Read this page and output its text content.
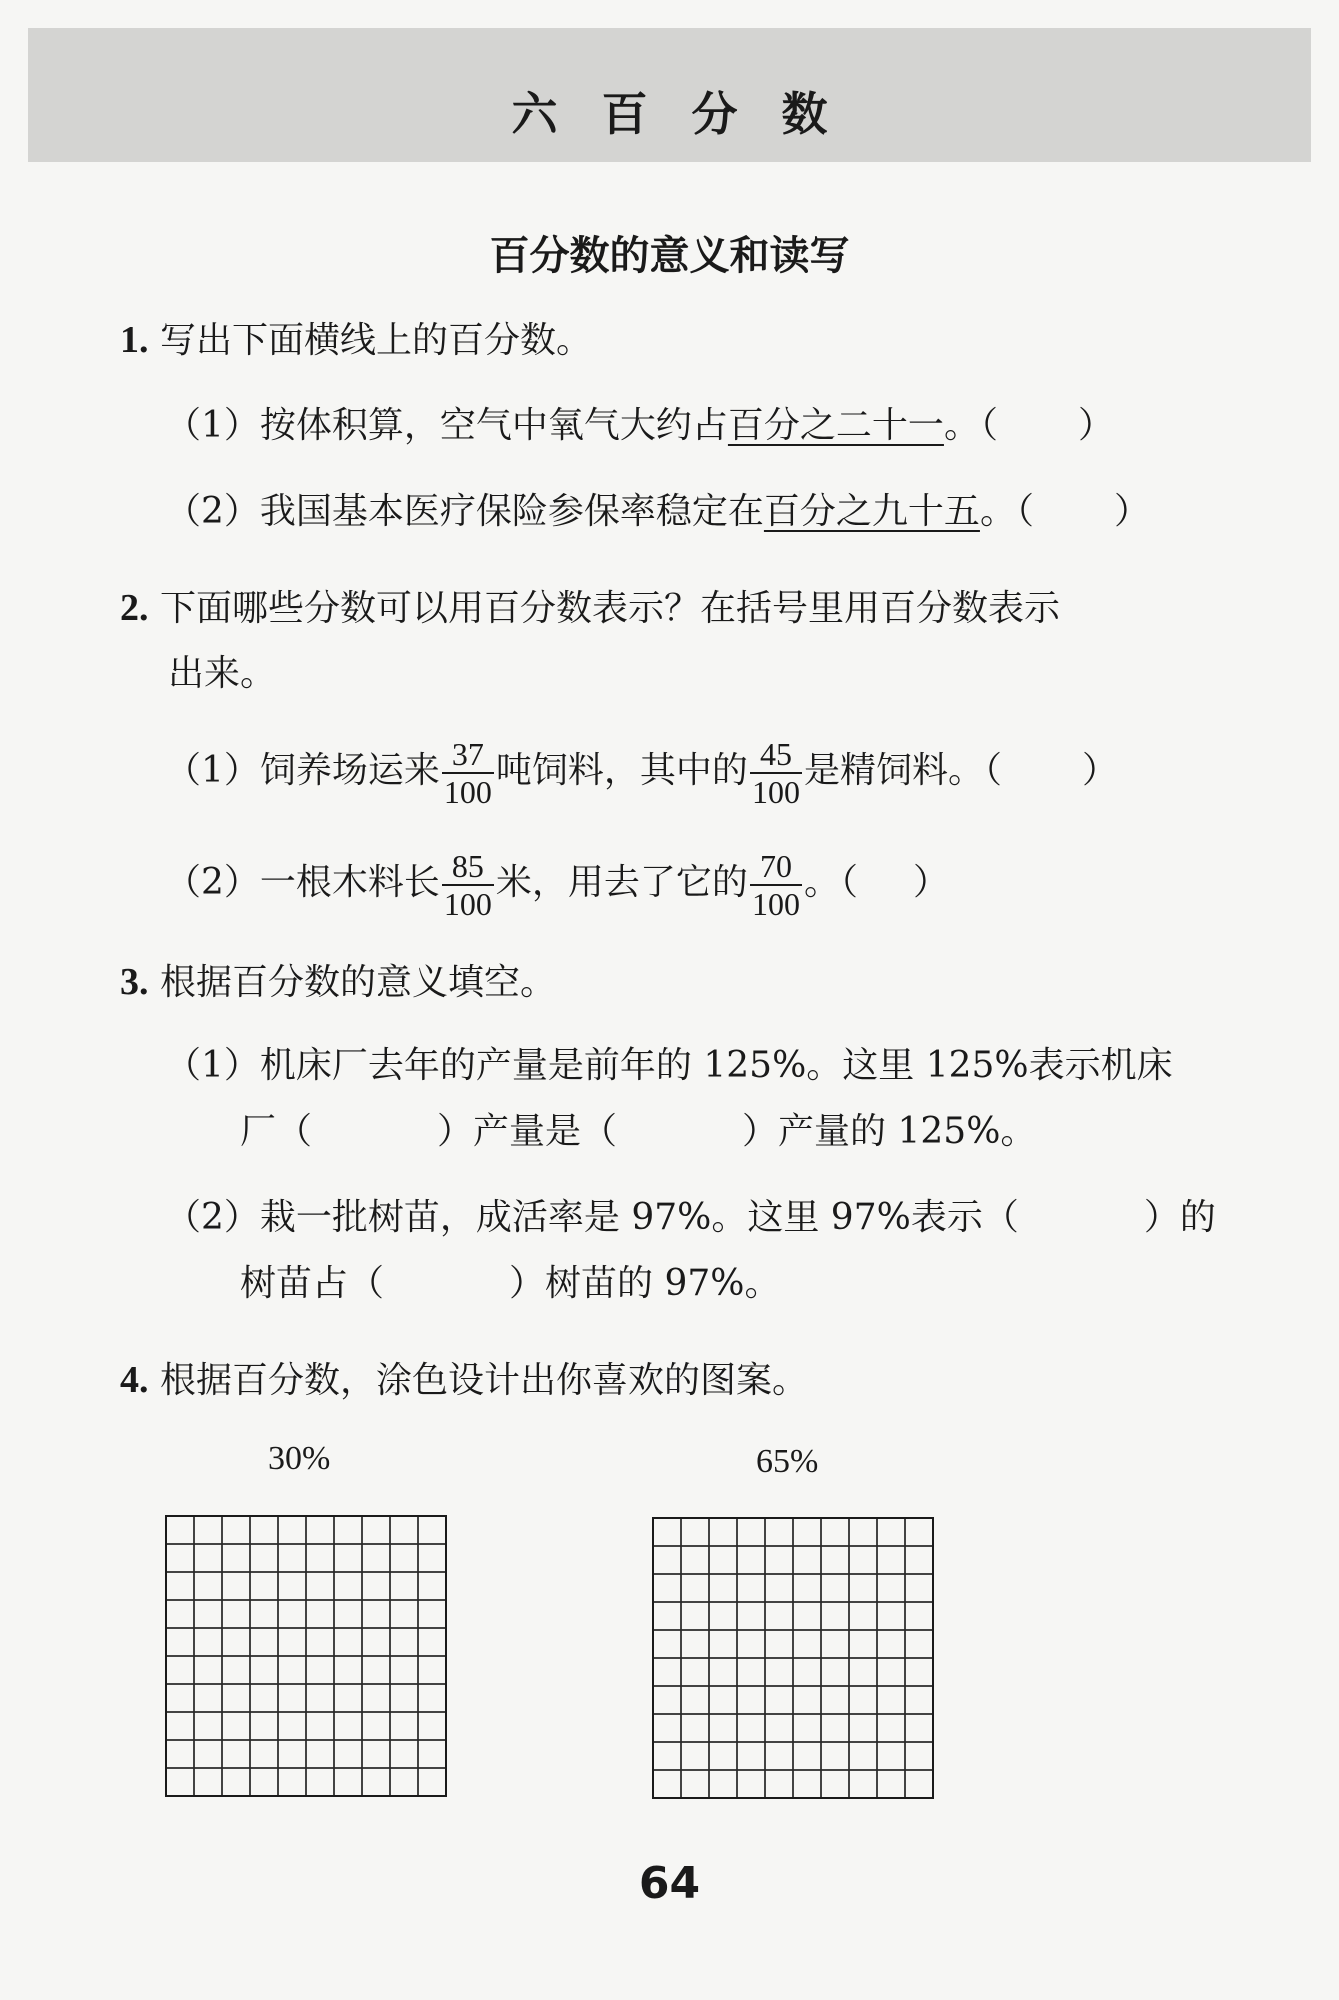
六 百 分 数
百分数的意义和读写
1. 写出下面横线上的百分数。
（1）按体积算，空气中氧气大约占百分之二十一。（ ）
（2）我国基本医疗保险参保率稳定在百分之九十五。（ ）
2. 下面哪些分数可以用百分数表示？在括号里用百分数表示
出来。
（1）饲养场运来 $\frac{37}{100}$ 吨饲料，其中的 $\frac{45}{100}$ 是精饲料。（ ）
（2）一根木料长 $\frac{85}{100}$ 米，用去了它的 $\frac{70}{100}$ 。（ ）
3. 根据百分数的意义填空。
（1）机床厂去年的产量是前年的 125%。这里 125%表示机床
厂（	）产量是（	）产量的 125%。
（2）栽一批树苗，成活率是 97%。这里 97%表示（	）的
树苗占（	）树苗的 97%。
4. 根据百分数，涂色设计出你喜欢的图案。
30%	65%
64
